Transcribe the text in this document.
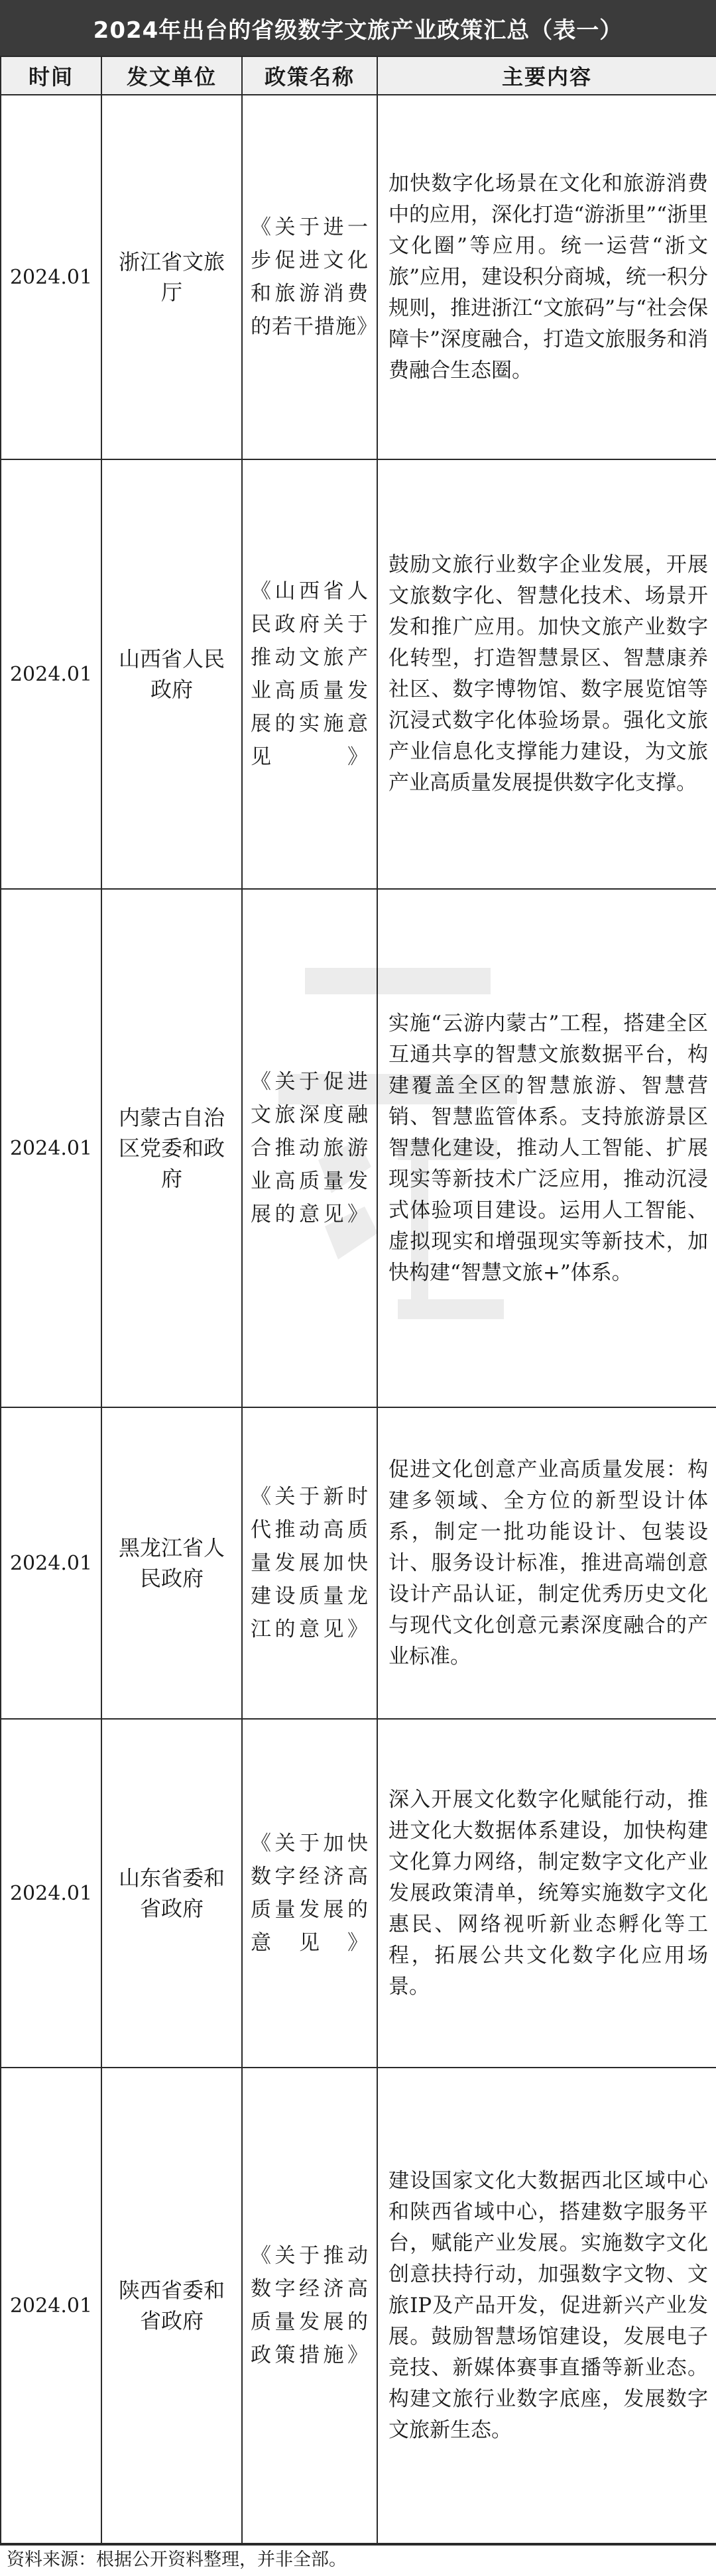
2024年出台的省级数字文旅产业政策汇总（表一）
时间	发文单位	政策名称	主要内容
2024.01	浙江省文旅厅	《关于进一步促进文化和旅游消费的若干措施》	加快数字化场景在文化和旅游消费中的应用，深化打造“游浙里”“浙里文化圈”等应用。统一运营“浙文旅”应用，建设积分商城，统一积分规则，推进浙江“文旅码”与“社会保障卡”深度融合，打造文旅服务和消费融合生态圈。
2024.01	山西省人民政府	《山西省人民政府关于推动文旅产业高质量发展的实施意见》	鼓励文旅行业数字企业发展，开展文旅数字化、智慧化技术、场景开发和推广应用。加快文旅产业数字化转型，打造智慧景区、智慧康养社区、数字博物馆、数字展览馆等沉浸式数字化体验场景。强化文旅产业信息化支撑能力建设，为文旅产业高质量发展提供数字化支撑。
2024.01	内蒙古自治区党委和政府	《关于促进文旅深度融合推动旅游业高质量发展的意见》	实施“云游内蒙古”工程，搭建全区互通共享的智慧文旅数据平台，构建覆盖全区的智慧旅游、智慧营销、智慧监管体系。支持旅游景区智慧化建设，推动人工智能、扩展现实等新技术广泛应用，推动沉浸式体验项目建设。运用人工智能、虚拟现实和增强现实等新技术，加快构建“智慧文旅+”体系。
2024.01	黑龙江省人民政府	《关于新时代推动高质量发展加快建设质量龙江的意见》	促进文化创意产业高质量发展：构建多领域、全方位的新型设计体系，制定一批功能设计、包装设计、服务设计标准，推进高端创意设计产品认证，制定优秀历史文化与现代文化创意元素深度融合的产业标准。
2024.01	山东省委和省政府	《关于加快数字经济高质量发展的意见》	深入开展文化数字化赋能行动，推进文化大数据体系建设，加快构建文化算力网络，制定数字文化产业发展政策清单，统筹实施数字文化惠民、网络视听新业态孵化等工程，拓展公共文化数字化应用场景。
2024.01	陕西省委和省政府	《关于推动数字经济高质量发展的政策措施》	建设国家文化大数据西北区域中心和陕西省域中心，搭建数字服务平台，赋能产业发展。实施数字文化创意扶持行动，加强数字文物、文旅IP及产品开发，促进新兴产业发展。鼓励智慧场馆建设，发展电子竞技、新媒体赛事直播等新业态。构建文旅行业数字底座，发展数字文旅新生态。
资料来源：根据公开资料整理，并非全部。
